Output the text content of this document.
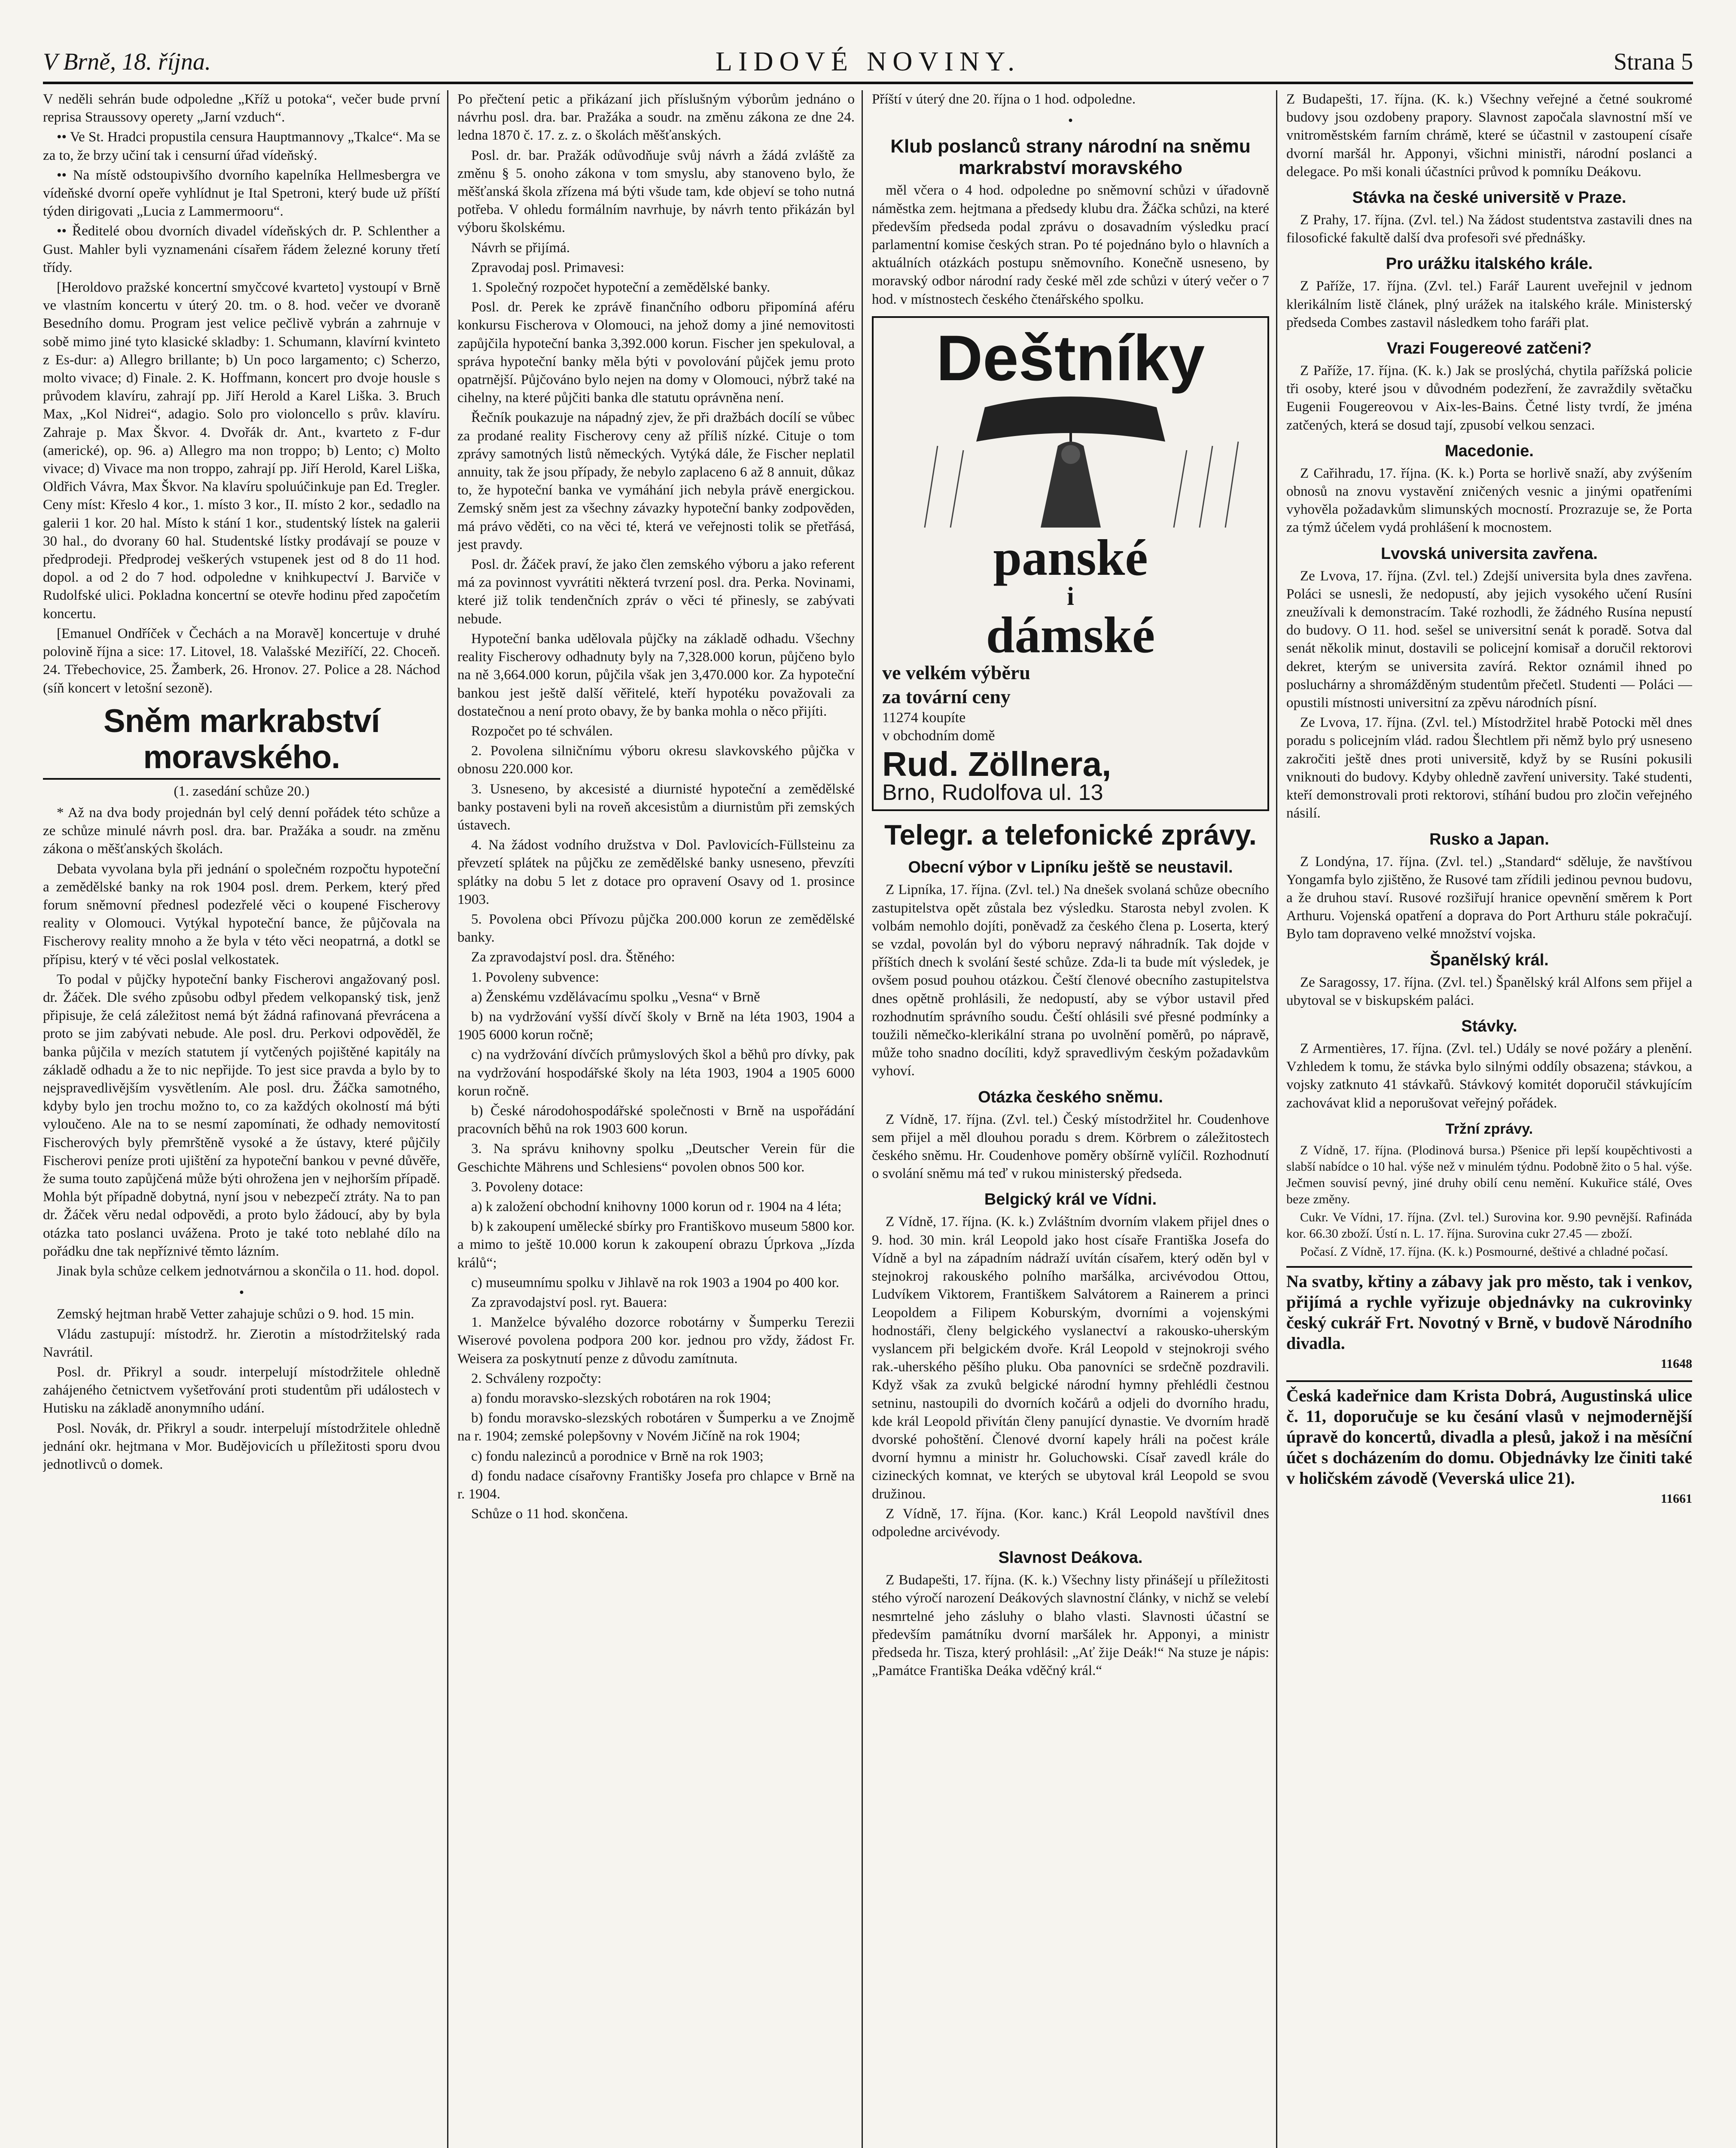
V Brně, 18. října.	LIDOVÉ NOVINY.	Strana 5

V neděli sehrán bude odpoledne „Kříž u potoka“, večer bude první reprisa Straussovy operety „Jarní vzduch“.

•• Ve St. Hradci propustila censura Hauptmannovy „Tkalce“. Ma se za to, že brzy učiní tak i censurní úřad vídeňský.

•• Na místě odstoupivšího dvorního kapelníka Hellmesbergra ve vídeňské dvorní opeře vyhlídnut je Ital Spetroni, který bude už příští týden dirigovati „Lucia z Lammermooru“.

•• Ředitelé obou dvorních divadel vídeňských dr. P. Schlenther a Gust. Mahler byli vyznamenáni císařem řádem železné koruny třetí třídy.

[Heroldovo pražské koncertní smyčcové kvarteto] vystoupí v Brně ve vlastním koncertu v úterý 20. tm. o 8. hod. večer ve dvoraně Besedního domu. Program jest velice pečlivě vybrán a zahrnuje v sobě mimo jiné tyto klasické skladby: 1. Schumann, klavírní kvinteto z Es-dur: a) Allegro brillante; b) Un poco largamento; c) Scherzo, molto vivace; d) Finale. 2. K. Hoffmann, koncert pro dvoje housle s průvodem klavíru, zahrají pp. Jiří Herold a Karel Liška. 3. Bruch Max, „Kol Nidrei“, adagio. Solo pro violoncello s prův. klavíru. Zahraje p. Max Škvor. 4. Dvořák dr. Ant., kvarteto z F-dur (americké), op. 96. a) Allegro ma non troppo; b) Lento; c) Molto vivace; d) Vivace ma non troppo, zahrají pp. Jiří Herold, Karel Liška, Oldřich Vávra, Max Škvor. Na klavíru spoluúčinkuje pan Ed. Tregler. Ceny míst: Křeslo 4 kor., 1. místo 3 kor., II. místo 2 kor., sedadlo na galerii 1 kor. 20 hal. Místo k stání 1 kor., studentský lístek na galerii 30 hal., do dvorany 60 hal. Studentské lístky prodávají se pouze v předprodeji. Předprodej veškerých vstupenek jest od 8 do 11 hod. dopol. a od 2 do 7 hod. odpoledne v knihkupectví J. Barviče v Rudolfské ulici. Pokladna koncertní se otevře hodinu před započetím koncertu.

[Emanuel Ondříček v Čechách a na Moravě] koncertuje v druhé polovině října a sice: 17. Litovel, 18. Valašské Meziříčí, 22. Choceň. 24. Třebechovice, 25. Žamberk, 26. Hronov. 27. Police a 28. Náchod (síň koncert v letošní sezoně).

Sněm markrabství moravského.
(1. zasedání schůze 20.)

* Až na dva body projednán byl celý denní pořádek této schůze a ze schůze minulé návrh posl. dra. bar. Pražáka a soudr. na změnu zákona o měšťanských školách.

Debata vyvolana byla při jednání o společném rozpočtu hypoteční a zemědělské banky na rok 1904 posl. drem. Perkem, který před forum sněmovní přednesl podezřelé věci o koupené Fischerovy reality v Olomouci. Vytýkal hypoteční bance, že půjčovala na Fischerovy reality mnoho a že byla v této věci neopatrná, a dotkl se přípisu, který v té věci poslal velkostatek.

To podal v půjčky hypoteční banky Fischerovi angažovaný posl. dr. Žáček. Dle svého způsobu odbyl předem velkopanský tisk, jenž připisuje, že celá záležitost nemá být žádná rafinovaná převrácena a proto se jim zabývati nebude. Ale posl. dru. Perkovi odpověděl, že banka půjčila v mezích statutem jí vytčených pojištěné kapitály na základě odhadu a že to nic nepřijde. To jest sice pravda a bylo by to nejspravedlivějším vysvětlením. Ale posl. dru. Žáčka samotného, kdyby bylo jen trochu možno to, co za každých okolností má býti vyloučeno. Ale na to se nesmí zapomínati, že odhady nemovitostí Fischerových byly přemrštěně vysoké a že ústavy, které půjčily Fischerovi peníze proti ujištění za hypoteční bankou v pevné důvěře, že suma touto zapůjčená může býti ohrožena jen v nejhorším případě. Mohla být případně dobytná, nyní jsou v nebezpečí ztráty. Na to pan dr. Žáček věru nedal odpovědi, a proto bylo žádoucí, aby by byla otázka tato poslanci uvážena. Proto je také toto neblahé dílo na pořádku dne tak nepříznivé těmto lázním.

Jinak byla schůze celkem jednotvárnou a skončila o 11. hod. dopol.

•

Zemský hejtman hrabě Vetter zahajuje schůzi o 9. hod. 15 min.

Vládu zastupují: místodrž. hr. Zierotin a místodržitelský rada Navrátil.

Posl. dr. Přikryl a soudr. interpelují místodržitele ohledně zahájeného četnictvem vyšetřování proti studentům při událostech v Hutisku na základě anonymního udání.

Posl. Novák, dr. Přikryl a soudr. interpelují místodržitele ohledně jednání okr. hejtmana v Mor. Budějovicích u příležitosti sporu dvou jednotlivců o domek.

Po přečtení petic a přikázaní jich příslušným výborům jednáno o návrhu posl. dra. bar. Pražáka a soudr. na změnu zákona ze dne 24. ledna 1870 č. 17. z. z. o školách měšťanských.

Posl. dr. bar. Pražák odůvodňuje svůj návrh a žádá zvláště za změnu § 5. onoho zákona v tom smyslu, aby stanoveno bylo, že měšťanská škola zřízena má býti všude tam, kde objeví se toho nutná potřeba. V ohledu formálním navrhuje, by návrh tento přikázán byl výboru školskému.

Návrh se přijímá.

Zpravodaj posl. Primavesi:

1. Společný rozpočet hypoteční a zemědělské banky.

Posl. dr. Perek ke zprávě finančního odboru připomíná aféru konkursu Fischerova v Olomouci, na jehož domy a jiné nemovitosti zapůjčila hypoteční banka 3,392.000 korun. Fischer jen spekuloval, a správa hypoteční banky měla býti v povolování půjček jemu proto opatrnější. Půjčováno bylo nejen na domy v Olomouci, nýbrž také na cihelny, na které půjčiti banka dle statutu oprávněna není.

Řečník poukazuje na nápadný zjev, že při dražbách docílí se vůbec za prodané reality Fischerovy ceny až příliš nízké. Cituje o tom zprávy samotných listů německých. Vytýká dále, že Fischer neplatil annuity, tak že jsou případy, že nebylo zaplaceno 6 až 8 annuit, důkaz to, že hypoteční banka ve vymáhání jich nebyla právě energickou. Zemský sněm jest za všechny závazky hypoteční banky zodpověden, má právo věděti, co na věci té, která ve veřejnosti tolik se přetřásá, jest pravdy.

Posl. dr. Žáček praví, že jako člen zemského výboru a jako referent má za povinnost vyvrátiti některá tvrzení posl. dra. Perka. Novinami, které již tolik tendenčních zpráv o věci té přinesly, se zabývati nebude.

Hypoteční banka udělovala půjčky na základě odhadu. Všechny reality Fischerovy odhadnuty byly na 7,328.000 korun, půjčeno bylo na ně 3,664.000 korun, půjčila však jen 3,470.000 kor. Za hypoteční bankou jest ještě další věřitelé, kteří hypotéku považovali za dostatečnou a není proto obavy, že by banka mohla o něco přijíti.

Rozpočet po té schválen.

2. Povolena silničnímu výboru okresu slavkovského půjčka v obnosu 220.000 kor.

3. Usneseno, by akcesisté a diurnisté hypoteční a zemědělské banky postaveni byli na roveň akcesistům a diurnistům při zemských ústavech.

4. Na žádost vodního družstva v Dol. Pavlovicích-Füllsteinu za převzetí splátek na půjčku ze zemědělské banky usneseno, převzíti splátky na dobu 5 let z dotace pro opravení Osavy od 1. prosince 1903.

5. Povolena obci Přívozu půjčka 200.000 korun ze zemědělské banky.

Za zpravodajství posl. dra. Štěného:

1. Povoleny subvence:

a) Ženskému vzdělávacímu spolku „Vesna“ v Brně

b) na vydržování vyšší dívčí školy v Brně na léta 1903, 1904 a 1905 6000 korun ročně;

c) na vydržování dívčích průmyslových škol a běhů pro dívky, pak na vydržování hospodářské školy na léta 1903, 1904 a 1905 6000 korun ročně.

b) České národohospodářské společnosti v Brně na uspořádání pracovních běhů na rok 1903 600 korun.

3. Na správu knihovny spolku „Deutscher Verein für die Geschichte Mährens und Schlesiens“ povolen obnos 500 kor.

3. Povoleny dotace:

a) k založení obchodní knihovny 1000 korun od r. 1904 na 4 léta;

b) k zakoupení umělecké sbírky pro Františkovo museum 5800 kor. a mimo to ještě 10.000 korun k zakoupení obrazu Úprkova „Jízda králů“;

c) museumnímu spolku v Jihlavě na rok 1903 a 1904 po 400 kor.

Za zpravodajství posl. ryt. Bauera:

1. Manželce bývalého dozorce robotárny v Šumperku Terezii Wiserové povolena podpora 200 kor. jednou pro vždy, žádost Fr. Weisera za poskytnutí penze z důvodu zamítnuta.

2. Schváleny rozpočty:

a) fondu moravsko-slezských robotáren na rok 1904;

b) fondu moravsko-slezských robotáren v Šumperku a ve Znojmě na r. 1904; zemské polepšovny v Novém Jičíně na rok 1904;

c) fondu nalezinců a porodnice v Brně na rok 1903;

d) fondu nadace císařovny Františky Josefa pro chlapce v Brně na r. 1904.

Schůze o 11 hod. skončena.

Příští v úterý dne 20. října o 1 hod. odpoledne.

•
Klub poslanců strany národní na sněmu markrabství moravského

měl včera o 4 hod. odpoledne po sněmovní schůzi v úřadovně náměstka zem. hejtmana a předsedy klubu dra. Žáčka schůzi, na které především předseda podal zprávu o dosavadním výsledku prací parlamentní komise českých stran. Po té pojednáno bylo o hlavních a aktuálních otázkách postupu sněmovního. Konečně usneseno, by moravský odbor národní rady české měl zde schůzi v úterý večer o 7 hod. v místnostech českého čtenářského spolku.

Deštníky
panské
i
dámské
ve velkém výběru
za tovární ceny
11274 koupíte
v obchodním domě
Rud. Zöllnera,
Brno, Rudolfova ul. 13
Telegr. a telefonické zprávy.
Obecní výbor v Lipníku ještě se neustavil.

Z Lipníka, 17. října. (Zvl. tel.) Na dnešek svolaná schůze obecního zastupitelstva opět zůstala bez výsledku. Starosta nebyl zvolen. K volbám nemohlo dojíti, poněvadž za českého člena p. Loserta, který se vzdal, povolán byl do výboru nepravý náhradník. Tak dojde v příštích dnech k svolání šesté schůze. Zda-li ta bude mít výsledek, je ovšem posud pouhou otázkou. Čeští členové obecního zastupitelstva dnes opětně prohlásili, že nedopustí, aby se výbor ustavil před rozhodnutím správního soudu. Čeští ohlásili své přesné podmínky a toužili němečko-klerikální strana po uvolnění poměrů, po nápravě, může toho snadno docíliti, když spravedlivým českým požadavkům vyhoví.

Otázka českého sněmu.

Z Vídně, 17. října. (Zvl. tel.) Český místodržitel hr. Coudenhove sem přijel a měl dlouhou poradu s drem. Körbrem o záležitostech českého sněmu. Hr. Coudenhove poměry obšírně vylíčil. Rozhodnutí o svolání sněmu má teď v rukou ministerský předseda.

Belgický král ve Vídni.

Z Vídně, 17. října. (K. k.) Zvláštním dvorním vlakem přijel dnes o 9. hod. 30 min. král Leopold jako host císaře Františka Josefa do Vídně a byl na západním nádraží uvítán císařem, který oděn byl v stejnokroj rakouského polního maršálka, arcivévodou Ottou, Ludvíkem Viktorem, Františkem Salvátorem a Rainerem a princi Leopoldem a Filipem Koburským, dvorními a vojenskými hodnostáři, členy belgického vyslanectví a rakousko-uherským vyslancem při belgickém dvoře. Král Leopold v stejnokroji svého rak.-uherského pěšího pluku. Oba panovníci se srdečně pozdravili. Když však za zvuků belgické národní hymny přehlédli čestnou setninu, nastoupili do dvorních kočárů a odjeli do dvorního hradu, kde král Leopold přivítán členy panující dynastie. Ve dvorním hradě dvorské pohoštění. Členové dvorní kapely hráli na počest krále dvorní hymnu a ministr hr. Goluchowski. Císař zavedl krále do cizineckých komnat, ve kterých se ubytoval král Leopold se svou družinou.

Z Vídně, 17. října. (Kor. kanc.) Král Leopold navštívil dnes odpoledne arcivévody.

Slavnost Deákova.

Z Budapešti, 17. října. (K. k.) Všechny listy přinášejí u příležitosti stého výročí narození Deákových slavnostní články, v nichž se velebí nesmrtelné jeho zásluhy o blaho vlasti. Slavnosti účastní se především památníku dvorní maršálek hr. Apponyi, a ministr předseda hr. Tisza, který prohlásil: „Ať žije Deák!“ Na stuze je nápis: „Památce Františka Deáka vděčný král.“

Z Budapešti, 17. října. (K. k.) Všechny veřejné a četné soukromé budovy jsou ozdobeny prapory. Slavnost započala slavnostní mší ve vnitroměstském farním chrámě, které se účastnil v zastoupení císaře dvorní maršál hr. Apponyi, všichni ministři, národní poslanci a delegace. Po mši konali účastníci průvod k pomníku Deákovu.

Stávka na české universitě v Praze.

Z Prahy, 17. října. (Zvl. tel.) Na žádost studentstva zastavili dnes na filosofické fakultě další dva profesoři své přednášky.

Pro urážku italského krále.

Z Paříže, 17. října. (Zvl. tel.) Farář Laurent uveřejnil v jednom klerikálním listě článek, plný urážek na italského krále. Ministerský předseda Combes zastavil následkem toho faráři plat.

Vrazi Fougereové zatčeni?

Z Paříže, 17. října. (K. k.) Jak se proslýchá, chytila pařížská policie tři osoby, které jsou v důvodném podezření, že zavraždily světačku Eugenii Fougereovou v Aix-les-Bains. Četné listy tvrdí, že jména zatčených, která se dosud tají, zpusobí velkou senzaci.

Macedonie.

Z Cařihradu, 17. října. (K. k.) Porta se horlivě snaží, aby zvýšením obnosů na znovu vystavění zničených vesnic a jinými opatřeními vyhověla požadavkům slimunských mocností. Prozrazuje se, že Porta za týmž účelem vydá prohlášení k mocnostem.

Lvovská universita zavřena.

Ze Lvova, 17. října. (Zvl. tel.) Zdejší universita byla dnes zavřena. Poláci se usnesli, že nedopustí, aby jejich vysokého učení Rusíni zneužívali k demonstracím. Také rozhodli, že žádného Rusína nepustí do budovy. O 11. hod. sešel se universitní senát k poradě. Sotva dal senát několik minut, dostavili se policejní komisař a doručil rektorovi dekret, kterým se universita zavírá. Rektor oznámil ihned po posluchárny a shromážděným studentům přečetl. Studenti — Poláci — opustili místnosti universitní za zpěvu národních písní.

Ze Lvova, 17. října. (Zvl. tel.) Místodržitel hrabě Potocki měl dnes poradu s policejním vlád. radou Šlechtlem při němž bylo prý usneseno zakročiti ještě dnes proti universitě, když by se Rusíni pokusili vniknouti do budovy. Kdyby ohledně zavření university. Také studenti, kteří demonstrovali proti rektorovi, stíhání budou pro zločin veřejného násilí.

Rusko a Japan.

Z Londýna, 17. října. (Zvl. tel.) „Standard“ sděluje, že navštívou Yongamfa bylo zjištěno, že Rusové tam zřídili jedinou pevnou budovu, a že druhou staví. Rusové rozšiřují hranice opevnění směrem k Port Arthuru. Vojenská opatření a doprava do Port Arthuru stále pokračují. Bylo tam dopraveno velké množství vojska.

Španělský král.

Ze Saragossy, 17. října. (Zvl. tel.) Španělský král Alfons sem přijel a ubytoval se v biskupském paláci.

Stávky.

Z Armentières, 17. října. (Zvl. tel.) Udály se nové požáry a plenění. Vzhledem k tomu, že stávka bylo silnými oddíly obsazena; stávkou, a vojsky zatknuto 41 stávkařů. Stávkový komitét doporučil stávkujícím zachovávat klid a neporušovat veřejný pořádek.

Tržní zprávy.

Z Vídně, 17. října. (Plodinová bursa.) Pšenice při lepší koupěchtivosti a slabší nabídce o 10 hal. výše než v minulém týdnu. Podobně žito o 5 hal. výše. Ječmen souvisí pevný, jiné druhy obilí cenu nemění. Kukuřice stálé, Oves beze změny.

Cukr. Ve Vídni, 17. října. (Zvl. tel.) Surovina kor. 9.90 pevnější. Rafináda kor. 66.30 zboží. Ústí n. L. 17. října. Surovina cukr 27.45 — zboží.

Počasí. Z Vídně, 17. října. (K. k.) Posmourné, deštivé a chladné počasí.

Na svatby, křtiny a zábavy jak pro město, tak i venkov, přijímá a rychle vyřizuje objednávky na cukrovinky český cukrář Frt. Novotný v Brně, v budově Národního divadla.
11648
Česká kadeřnice dam Krista Dobrá, Augustinská ulice č. 11, doporučuje se ku česání vlasů v nejmodernější úpravě do koncertů, divadla a plesů, jakož i na měsíční účet s docházením do domu. Objednávky lze činiti také v holičském závodě (Veverská ulice 21).
11661
